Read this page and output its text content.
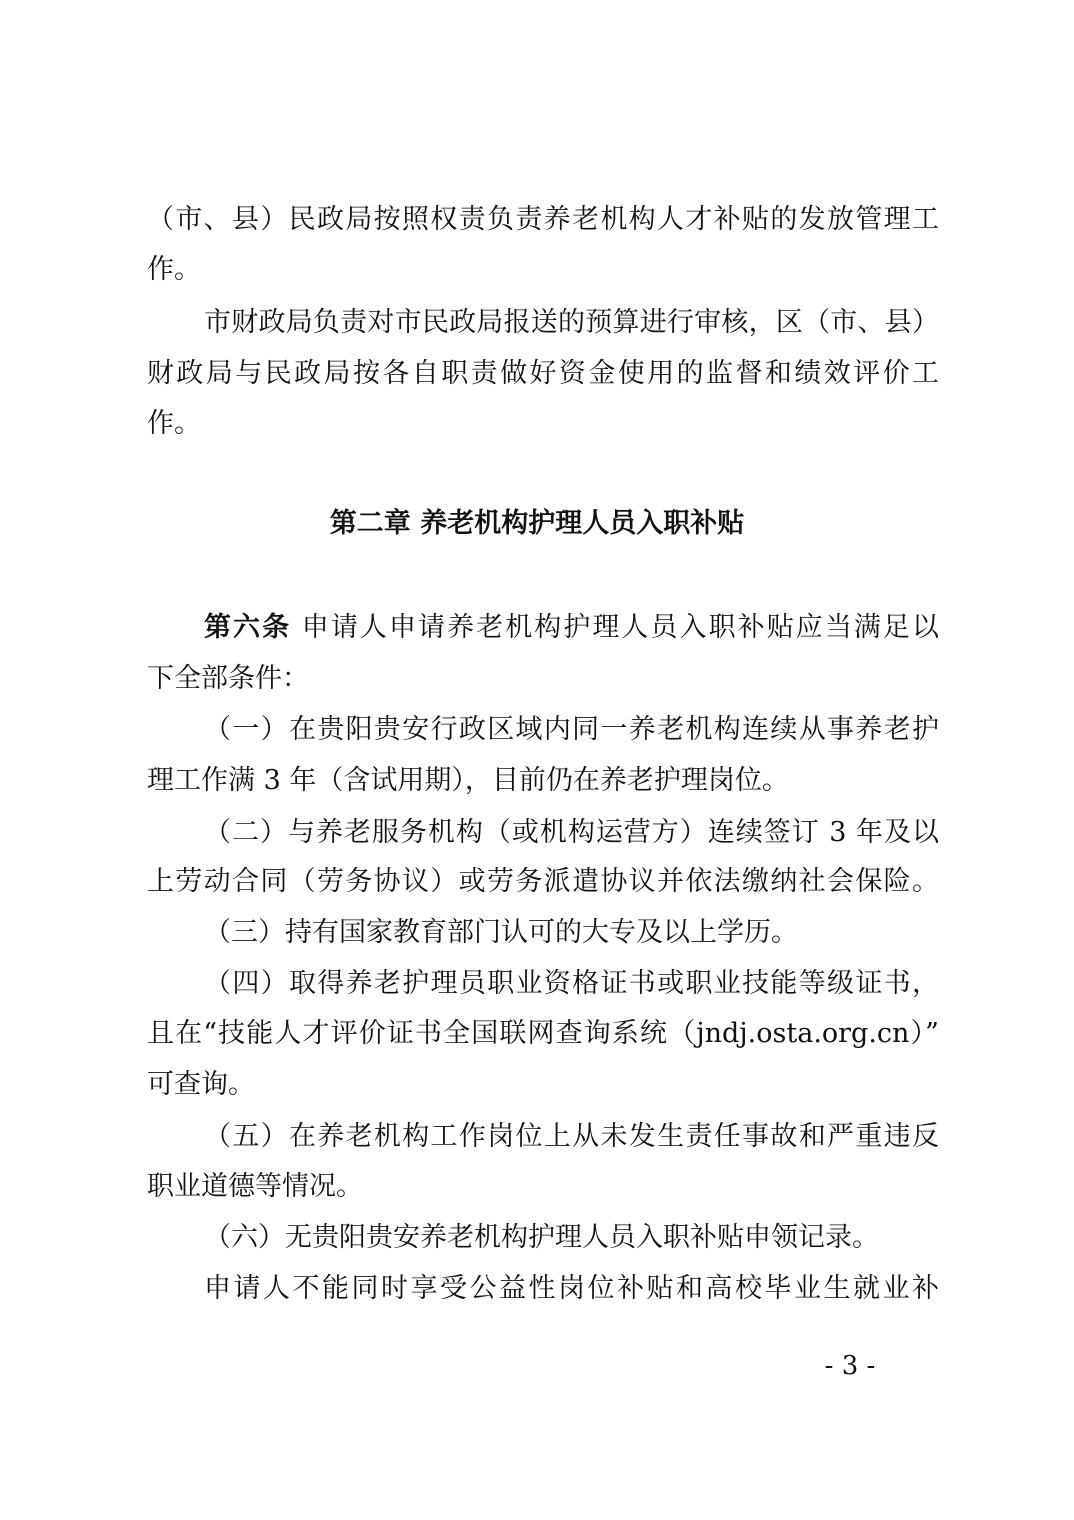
（市、县）民政局按照权责负责养老机构人才补贴的发放管理工
作。
市财政局负责对市民政局报送的预算进行审核，区（市、县）
财政局与民政局按各自职责做好资金使用的监督和绩效评价工
作。
第二章 养老机构护理人员入职补贴
第六条 申请人申请养老机构护理人员入职补贴应当满足以
下全部条件：
（一）在贵阳贵安行政区域内同一养老机构连续从事养老护
理工作满 3 年（含试用期），目前仍在养老护理岗位。
（二）与养老服务机构（或机构运营方）连续签订 3 年及以
上劳动合同（劳务协议）或劳务派遣协议并依法缴纳社会保险。
（三）持有国家教育部门认可的大专及以上学历。
（四）取得养老护理员职业资格证书或职业技能等级证书，
且在“技能人才评价证书全国联网查询系统（jndj.osta.org.cn）”
可查询。
（五）在养老机构工作岗位上从未发生责任事故和严重违反
职业道德等情况。
（六）无贵阳贵安养老机构护理人员入职补贴申领记录。
申请人不能同时享受公益性岗位补贴和高校毕业生就业补
- 3 -
